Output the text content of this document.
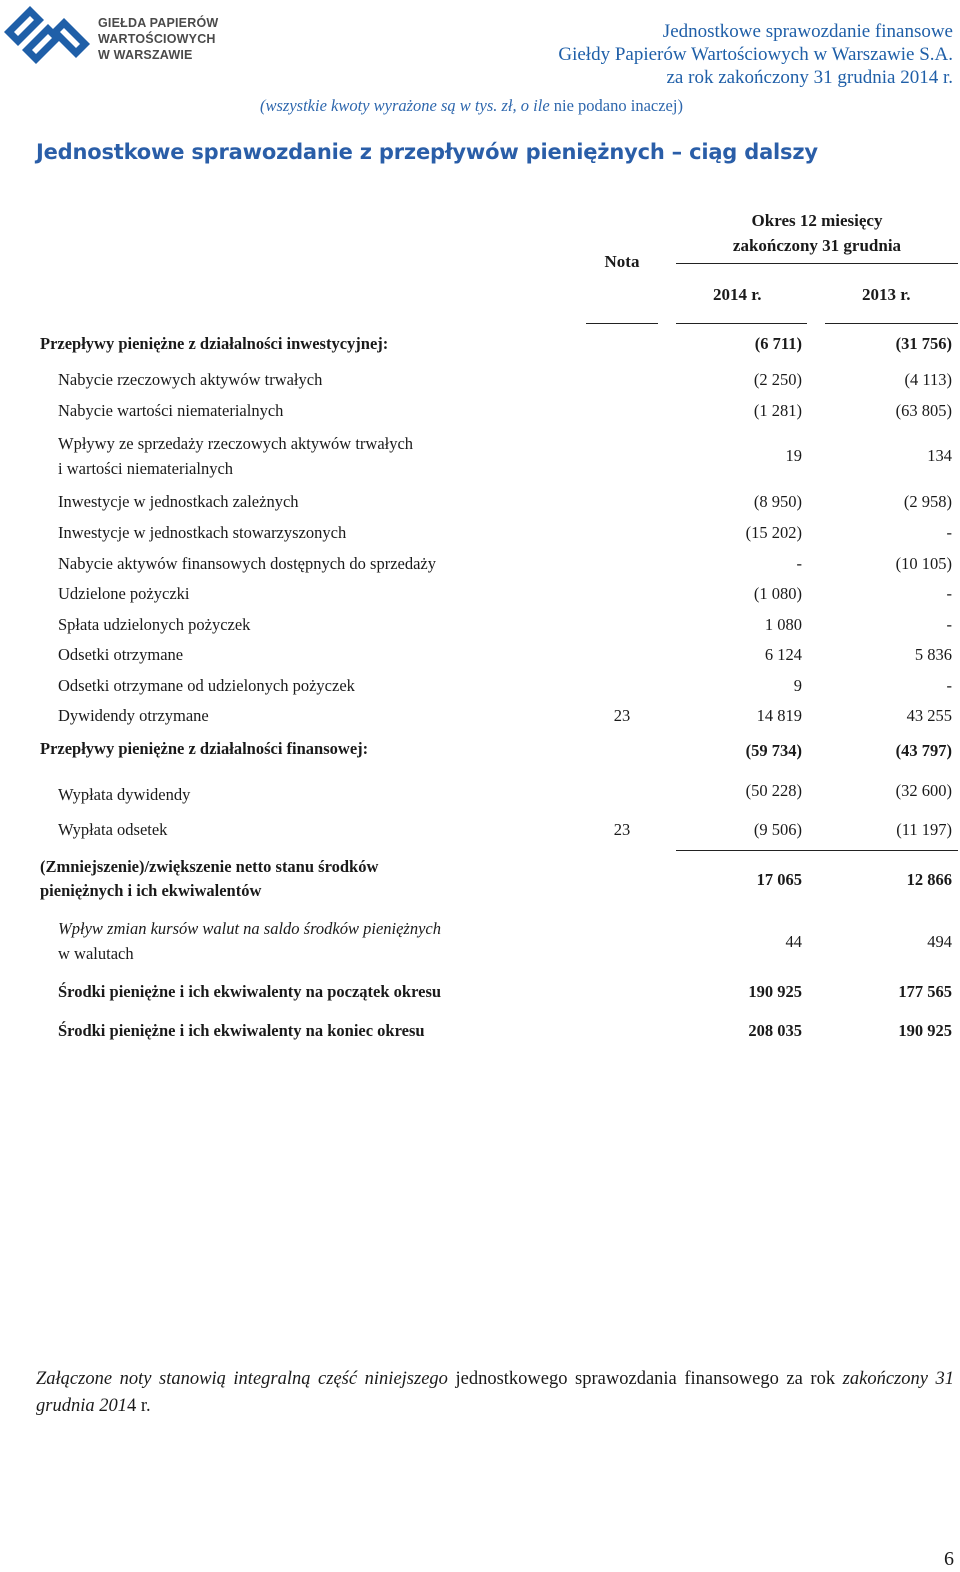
GIEŁDA PAPIERÓW
WARTOŚCIOWYCH
W WARSZAWIE
Jednostkowe sprawozdanie finansowe
Giełdy Papierów Wartościowych w Warszawie S.A.
za rok zakończony 31 grudnia 2014 r.
(wszystkie kwoty wyrażone są w tys. zł, o ile nie podano inaczej)
Jednostkowe sprawozdanie z przepływów pieniężnych – ciąg dalszy
Nota
Okres 12 miesięcy
zakończony 31 grudnia
2014 r.	2013 r.
Przepływy pieniężne z działalności inwestycyjnej:	(6 711)	(31 756)
Nabycie rzeczowych aktywów trwałych	(2 250)	(4 113)
Nabycie wartości niematerialnych	(1 281)	(63 805)
Wpływy ze sprzedaży rzeczowych aktywów trwałych
i wartości niematerialnych
19	134
Inwestycje w jednostkach zależnych	(8 950)	(2 958)
Inwestycje w jednostkach stowarzyszonych	(15 202)	-
Nabycie aktywów finansowych dostępnych do sprzedaży	-	(10 105)
Udzielone pożyczki	(1 080)	-
Spłata udzielonych pożyczek	1 080	-
Odsetki otrzymane	6 124	5 836
Odsetki otrzymane od udzielonych pożyczek	9	-
Dywidendy otrzymane	23	14 819	43 255
Przepływy pieniężne z działalności finansowej:	(59 734)	(43 797)
Wypłata dywidendy	(50 228)	(32 600)
Wypłata odsetek	23	(9 506)	(11 197)
(Zmniejszenie)/zwiększenie netto stanu środków
pieniężnych i ich ekwiwalentów
17 065	12 866
Wpływ zmian kursów walut na saldo środków pieniężnych
w walutach
44	494
Środki pieniężne i ich ekwiwalenty na początek okresu	190 925	177 565
Środki pieniężne i ich ekwiwalenty na koniec okresu	208 035	190 925
Załączone noty stanowią integralną część niniejszego jednostkowego sprawozdania finansowego za rok zakończony 31 grudnia 2014 r.
6
